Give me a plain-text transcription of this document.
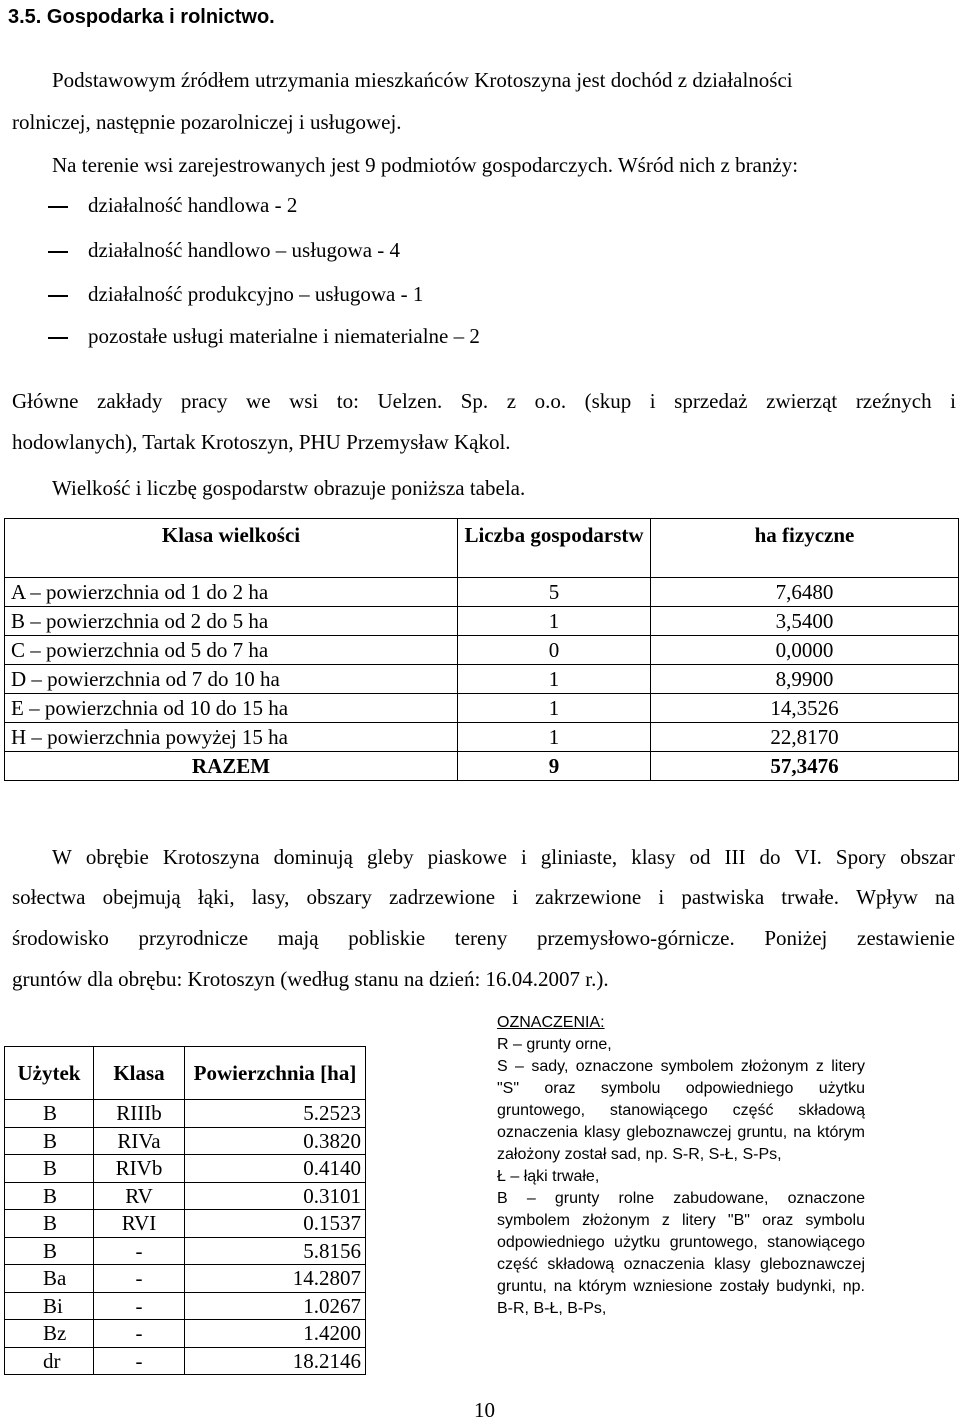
3.5. Gospodarka i rolnictwo.
Podstawowym źródłem utrzymania mieszkańców Krotoszyna jest dochód z działalności
rolniczej, następnie pozarolniczej i usługowej.
Na terenie wsi zarejestrowanych jest 9 podmiotów gospodarczych. Wśród nich z branży:
działalność handlowa - 2
działalność handlowo – usługowa - 4
działalność produkcyjno – usługowa - 1
pozostałe usługi materialne i niematerialne – 2
Główne zakłady pracy we wsi to: Uelzen. Sp. z o.o. (skup i sprzedaż zwierząt rzeźnych i
hodowlanych), Tartak Krotoszyn, PHU Przemysław Kąkol.
Wielkość i liczbę gospodarstw obrazuje poniższa tabela.
Klasa wielkości	Liczba gospodarstw	ha fizyczne
A – powierzchnia od 1 do 2 ha	5	7,6480
B – powierzchnia od 2 do 5 ha	1	3,5400
C – powierzchnia od 5 do 7 ha	0	0,0000
D – powierzchnia od 7 do 10 ha	1	8,9900
E – powierzchnia od 10 do 15 ha	1	14,3526
H – powierzchnia powyżej 15 ha	1	22,8170
RAZEM	9	57,3476
W obrębie Krotoszyna dominują gleby piaskowe i gliniaste, klasy od III do VI. Spory obszar
sołectwa obejmują łąki, lasy, obszary zadrzewione i zakrzewione i pastwiska trwałe. Wpływ na
środowisko przyrodnicze mają pobliskie tereny przemysłowo-górnicze. Poniżej zestawienie
gruntów dla obrębu: Krotoszyn (według stanu na dzień: 16.04.2007 r.).
Użytek	Klasa	Powierzchnia [ha]
B	RIIIb	5.2523
B	RIVa	0.3820
B	RIVb	0.4140
B	RV	0.3101
B	RVI	0.1537
B	-	5.8156
Ba	-	14.2807
Bi	-	1.0267
Bz	-	1.4200
dr	-	18.2146
OZNACZENIA:

R – grunty orne,

S – sady, oznaczone symbolem złożonym z litery "S" oraz symbolu odpowiedniego użytku gruntowego, stanowiącego część składową oznaczenia klasy gleboznawczej gruntu, na którym założony został sad, np. S-R, S-Ł, S-Ps,

Ł – łąki trwałe,

B – grunty rolne zabudowane, oznaczone symbolem złożonym z litery "B" oraz symbolu odpowiedniego użytku gruntowego, stanowiącego część składową oznaczenia klasy gleboznawczej gruntu, na którym wzniesione zostały budynki, np. B-R, B-Ł, B-Ps,

10
